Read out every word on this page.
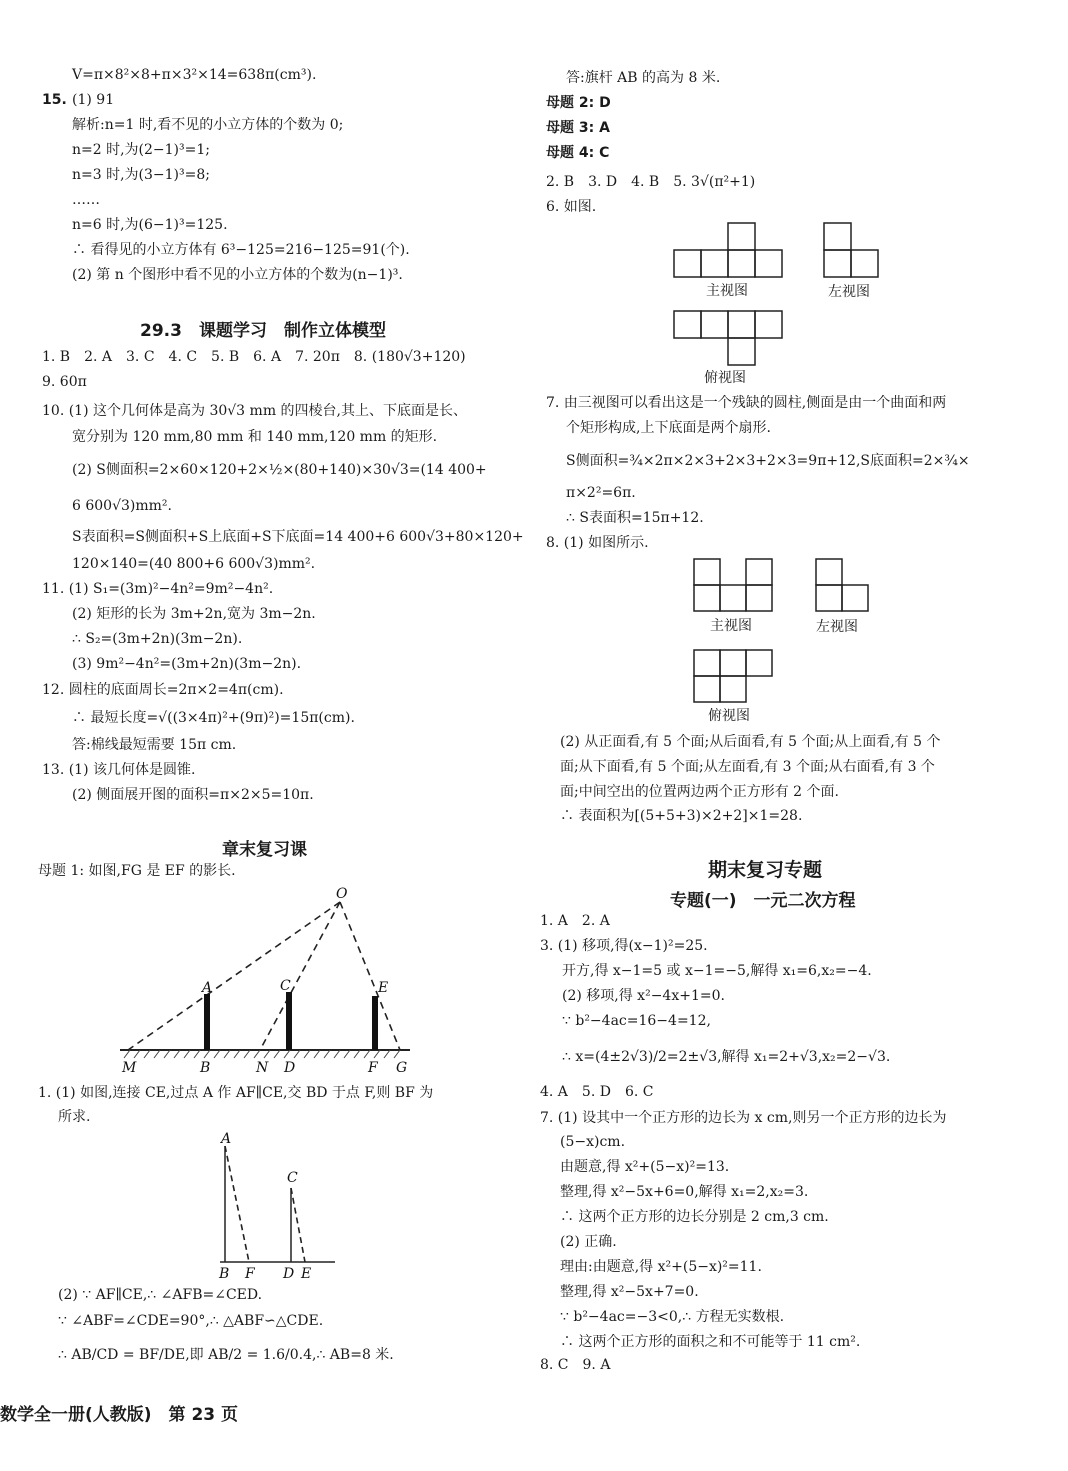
V=π×8²×8+π×3²×14=638π(cm³).
15. (1) 91
解析:n=1 时,看不见的小立方体的个数为 0;
n=2 时,为(2−1)³=1;
n=3 时,为(3−1)³=8;
……
n=6 时,为(6−1)³=125.
∴ 看得见的小立方体有 6³−125=216−125=91(个).
(2) 第 n 个图形中看不见的小立方体的个数为(n−1)³.
29.3　课题学习　制作立体模型
1. B　2. A　3. C　4. C　5. B　6. A　7. 20π　8. (180√3+120)
9. 60π
10. (1) 这个几何体是高为 30√3 mm 的四棱台,其上、下底面是长、
宽分别为 120 mm,80 mm 和 140 mm,120 mm 的矩形.
(2) S侧面积=2×60×120+2×½×(80+140)×30√3=(14 400+
6 600√3)mm².
S表面积=S侧面积+S上底面+S下底面=14 400+6 600√3+80×120+
120×140=(40 800+6 600√3)mm².
11. (1) S₁=(3m)²−4n²=9m²−4n².
(2) 矩形的长为 3m+2n,宽为 3m−2n.
∴ S₂=(3m+2n)(3m−2n).
(3) 9m²−4n²=(3m+2n)(3m−2n).
12. 圆柱的底面周长=2π×2=4π(cm).
∴ 最短长度=√((3×4π)²+(9π)²)=15π(cm).
答:棉线最短需要 15π cm.
13. (1) 该几何体是圆锥.
(2) 侧面展开图的面积=π×2×5=10π.
章末复习课
母题 1: 如图,FG 是 EF 的影长.
O
A	C	E
M	B	N D	F G
1. (1) 如图,连接 CE,过点 A 作 AF∥CE,交 BD 于点 F,则 BF 为
所求.
A
C
B F D E
(2) ∵ AF∥CE,∴ ∠AFB=∠CED.
∵ ∠ABF=∠CDE=90°,∴ △ABF∽△CDE.
∴ AB/CD = BF/DE,即 AB/2 = 1.6/0.4,∴ AB=8 米.
答:旗杆 AB 的高为 8 米.
母题 2: D
母题 3: A
母题 4: C
2. B　3. D　4. B　5. 3√(π²+1)
6. 如图.
主视图	左视图
俯视图
7. 由三视图可以看出这是一个残缺的圆柱,侧面是由一个曲面和两
个矩形构成,上下底面是两个扇形.
S侧面积=¾×2π×2×3+2×3+2×3=9π+12,S底面积=2×¾×
π×2²=6π.
∴ S表面积=15π+12.
8. (1) 如图所示.
主视图	左视图
俯视图
(2) 从正面看,有 5 个面;从后面看,有 5 个面;从上面看,有 5 个
面;从下面看,有 5 个面;从左面看,有 3 个面;从右面看,有 3 个
面;中间空出的位置两边两个正方形有 2 个面.
∴ 表面积为[(5+5+3)×2+2]×1=28.
期末复习专题
专题(一)　一元二次方程
1. A　2. A
3. (1) 移项,得(x−1)²=25.
开方,得 x−1=5 或 x−1=−5,解得 x₁=6,x₂=−4.
(2) 移项,得 x²−4x+1=0.
∵ b²−4ac=16−4=12,
∴ x=(4±2√3)/2=2±√3,解得 x₁=2+√3,x₂=2−√3.
4. A　5. D　6. C
7. (1) 设其中一个正方形的边长为 x cm,则另一个正方形的边长为
(5−x)cm.
由题意,得 x²+(5−x)²=13.
整理,得 x²−5x+6=0,解得 x₁=2,x₂=3.
∴ 这两个正方形的边长分别是 2 cm,3 cm.
(2) 正确.
理由:由题意,得 x²+(5−x)²=11.
整理,得 x²−5x+7=0.
∵ b²−4ac=−3<0,∴ 方程无实数根.
∴ 这两个正方形的面积之和不可能等于 11 cm².
8. C　9. A
数学全一册(人教版)　第 23 页
